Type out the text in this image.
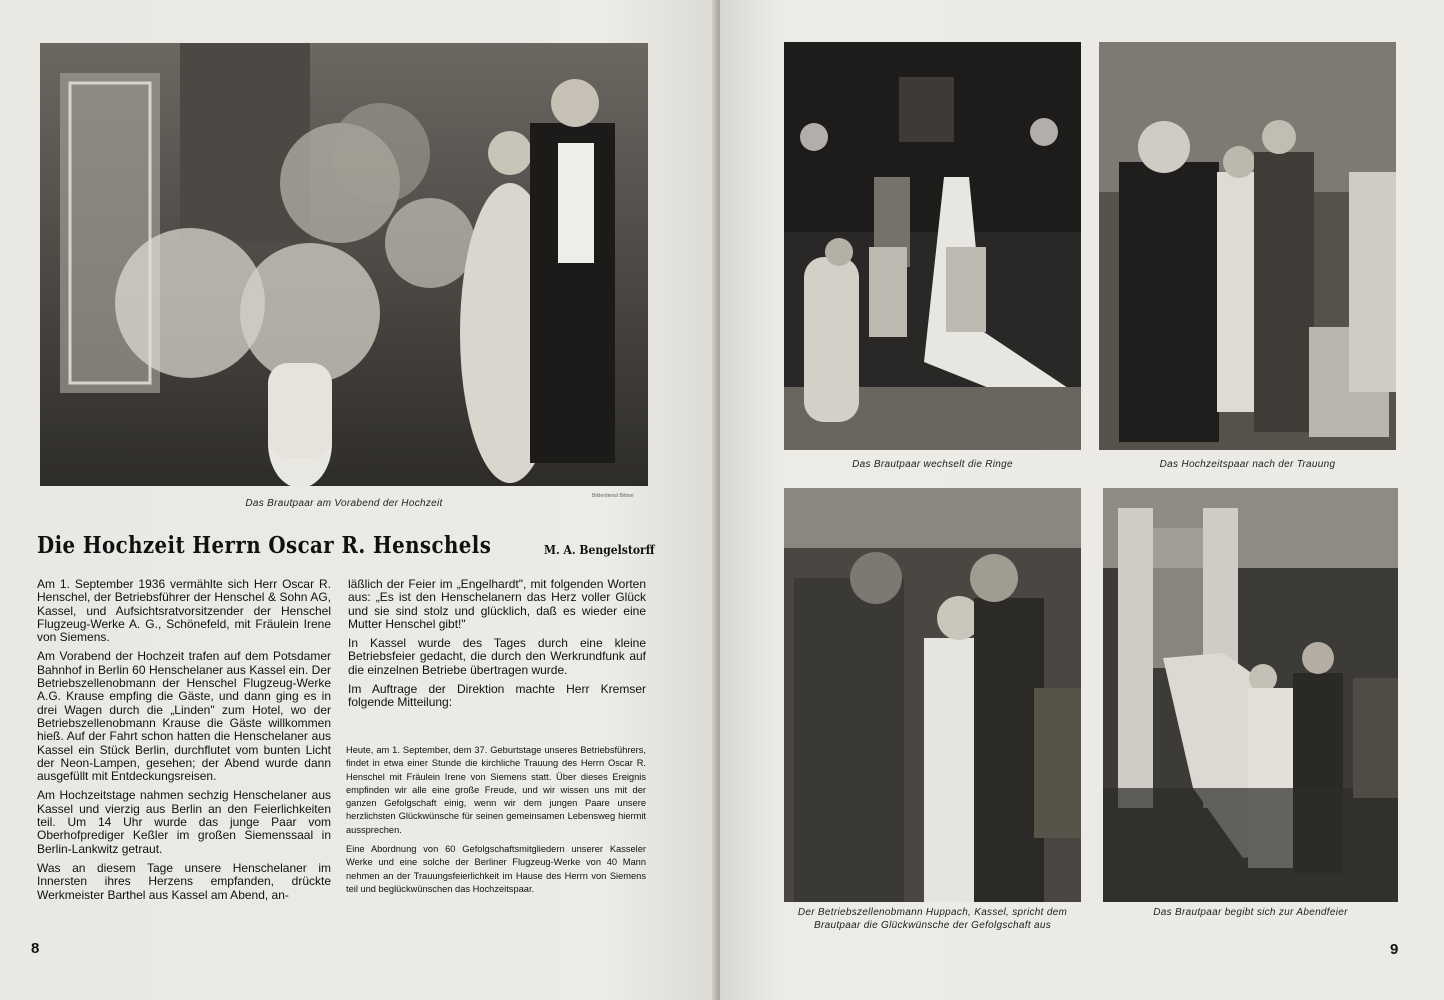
Das Brautpaar am Vorabend der Hochzeit
Bilderdienst Bittner
Die Hochzeit Herrn Oscar R. Henschels	M. A. Bengelstorff

Am 1. September 1936 vermählte sich Herr Oscar R. Henschel, der Betriebsführer der Henschel & Sohn AG, Kassel, und Aufsichtsratvorsitzender der Henschel Flugzeug-Werke A. G., Schönefeld, mit Fräulein Irene von Siemens.

Am Vorabend der Hochzeit trafen auf dem Potsdamer Bahnhof in Berlin 60 Henschelaner aus Kassel ein. Der Betriebszellenobmann der Henschel Flugzeug-Werke A.G. Krause empfing die Gäste, und dann ging es in drei Wagen durch die „Linden" zum Hotel, wo der Betriebszellenobmann Krause die Gäste willkommen hieß. Auf der Fahrt schon hatten die Henschelaner aus Kassel ein Stück Berlin, durchflutet vom bunten Licht der Neon-Lampen, gesehen; der Abend wurde dann ausgefüllt mit Entdeckungsreisen.

Am Hochzeitstage nahmen sechzig Henschelaner aus Kassel und vierzig aus Berlin an den Feierlichkeiten teil. Um 14 Uhr wurde das junge Paar vom Oberhofprediger Keßler im großen Siemenssaal in Berlin-Lankwitz getraut.

Was an diesem Tage unsere Henschelaner im Innersten ihres Herzens empfanden, drückte Werkmeister Barthel aus Kassel am Abend, an-

läßlich der Feier im „Engelhardt", mit folgenden Worten aus: „Es ist den Henschelanern das Herz voller Glück und sie sind stolz und glücklich, daß es wieder eine Mutter Henschel gibt!"

In Kassel wurde des Tages durch eine kleine Betriebsfeier gedacht, die durch den Werkrundfunk auf die einzelnen Betriebe übertragen wurde.

Im Auftrage der Direktion machte Herr Kremser folgende Mitteilung:

Heute, am 1. September, dem 37. Geburtstage unseres Betriebsführers, findet in etwa einer Stunde die kirchliche Trauung des Herrn Oscar R. Henschel mit Fräulein Irene von Siemens statt. Über dieses Ereignis empfinden wir alle eine große Freude, und wir wissen uns mit der ganzen Gefolgschaft einig, wenn wir dem jungen Paare unsere herzlichsten Glückwünsche für seinen gemeinsamen Lebensweg hiermit aussprechen.

Eine Abordnung von 60 Gefolgschaftsmitgliedern unserer Kasseler Werke und eine solche der Berliner Flugzeug-Werke von 40 Mann nehmen an der Trauungsfeierlichkeit im Hause des Herrn von Siemens teil und beglückwünschen das Hochzeitspaar.

8
Das Brautpaar wechselt die Ringe	Das Hochzeitspaar nach der Trauung
Der Betriebszellenobmann Huppach, Kassel, spricht dem Brautpaar die Glückwünsche der Gefolgschaft aus
Das Brautpaar begibt sich zur Abendfeier
9
